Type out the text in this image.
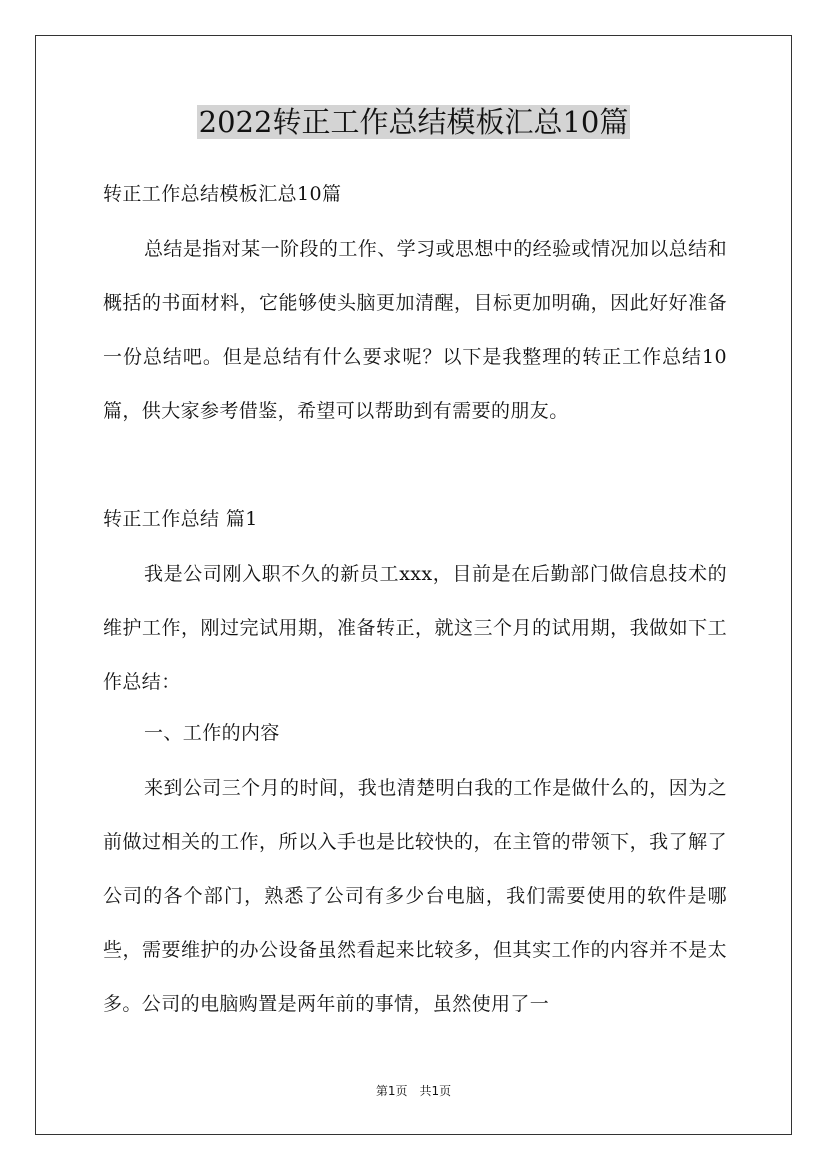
2022转正工作总结模板汇总10篇
转正工作总结模板汇总10篇
总结是指对某一阶段的工作、学习或思想中的经验或情况加以总结和概括的书面材料，它能够使头脑更加清醒，目标更加明确，因此好好准备一份总结吧。但是总结有什么要求呢？以下是我整理的转正工作总结10篇，供大家参考借鉴，希望可以帮助到有需要的朋友。
转正工作总结 篇1
我是公司刚入职不久的新员工xxx，目前是在后勤部门做信息技术的维护工作，刚过完试用期，准备转正，就这三个月的试用期，我做如下工作总结：
一、工作的内容
来到公司三个月的时间，我也清楚明白我的工作是做什么的，因为之前做过相关的工作，所以入手也是比较快的，在主管的带领下，我了解了公司的各个部门，熟悉了公司有多少台电脑，我们需要使用的软件是哪些，需要维护的办公设备虽然看起来比较多，但其实工作的内容并不是太多。公司的电脑购置是两年前的事情，虽然使用了一
第1页　共1页
